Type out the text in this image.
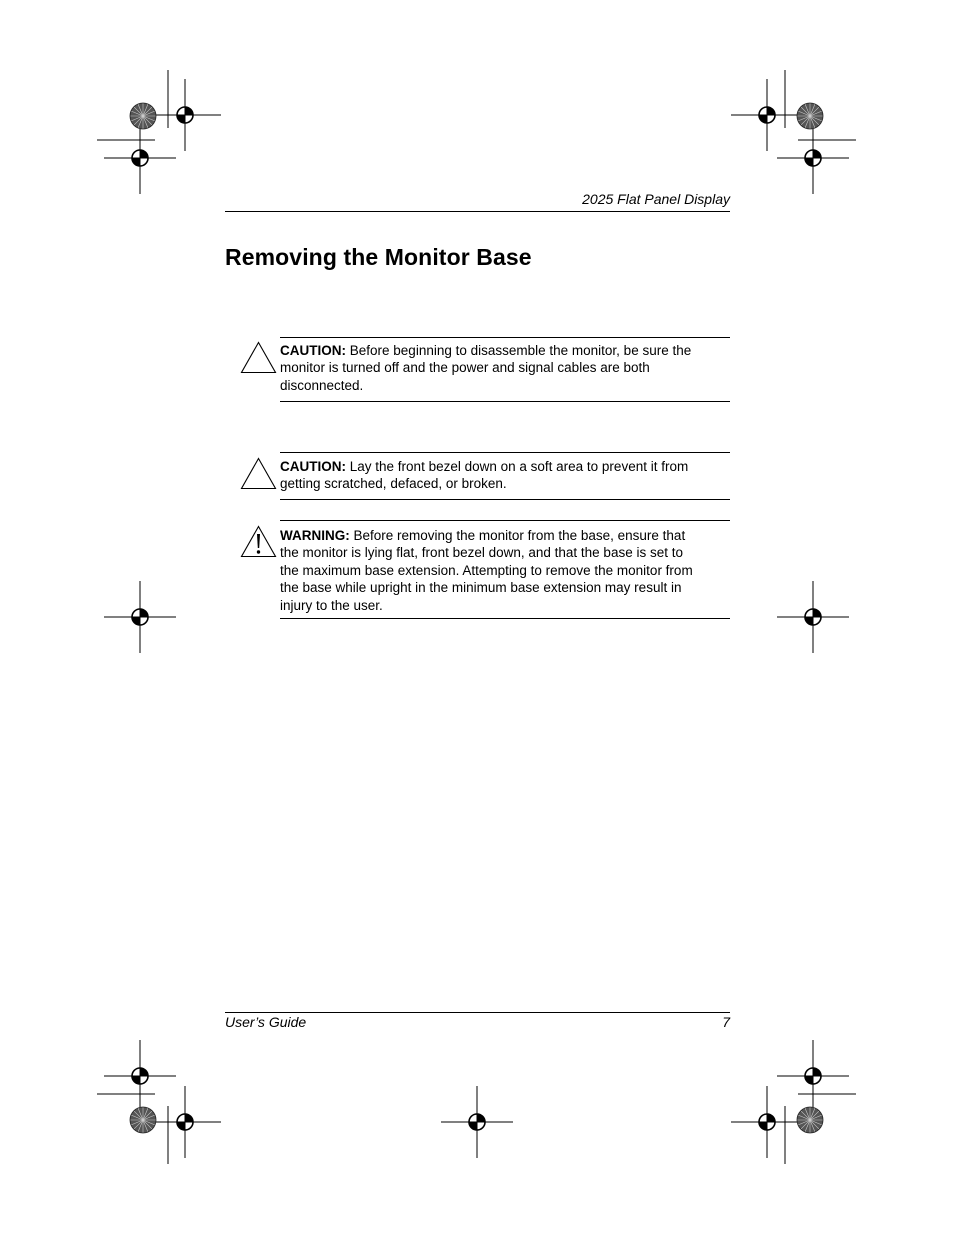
2025 Flat Panel Display
Removing the Monitor Base
CAUTION: Before beginning to disassemble the monitor, be sure the monitor is turned off and the power and signal cables are both disconnected.
CAUTION: Lay the front bezel down on a soft area to prevent it from getting scratched, defaced, or broken.
WARNING: Before removing the monitor from the base, ensure that the monitor is lying flat, front bezel down, and that the base is set to the maximum base extension. Attempting to remove the monitor from the base while upright in the minimum base extension may result in injury to the user.
User’s Guide	7
